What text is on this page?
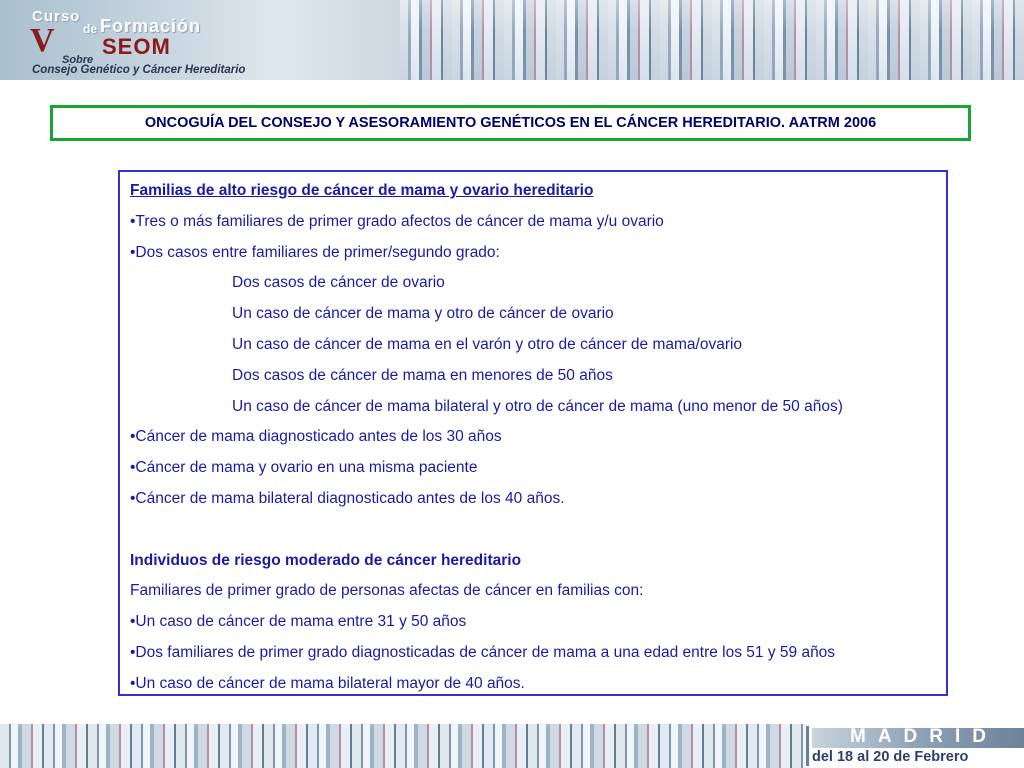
Curso
V	de Formación
SEOM
Sobre
Consejo Genético y Cáncer Hereditario
ONCOGUÍA DEL CONSEJO Y ASESORAMIENTO GENÉTICOS EN EL CÁNCER HEREDITARIO. AATRM 2006
Familias de alto riesgo de cáncer de mama y ovario hereditario
•Tres o más familiares de primer grado afectos de cáncer de mama y/u ovario
•Dos casos entre familiares de primer/segundo grado:
Dos casos de cáncer de ovario
Un caso de cáncer de mama y otro de cáncer de ovario
Un caso de cáncer de mama en el varón y otro de cáncer de mama/ovario
Dos casos de cáncer de mama en menores de 50 años
Un caso de cáncer de mama bilateral y otro de cáncer de mama (uno menor de 50 años)
•Cáncer de mama diagnosticado antes de los 30 años
•Cáncer de mama y ovario en una misma paciente
•Cáncer de mama bilateral diagnosticado antes de los 40 años.
Individuos de riesgo moderado de cáncer hereditario
Familiares de primer grado de personas afectas de cáncer en familias con:
•Un caso de cáncer de mama entre 31 y 50 años
•Dos familiares de primer grado diagnosticadas de cáncer de mama a una edad entre los 51 y 59 años
•Un caso de cáncer de mama bilateral mayor de 40 años.
MADRID
del 18 al 20 de Febrero
